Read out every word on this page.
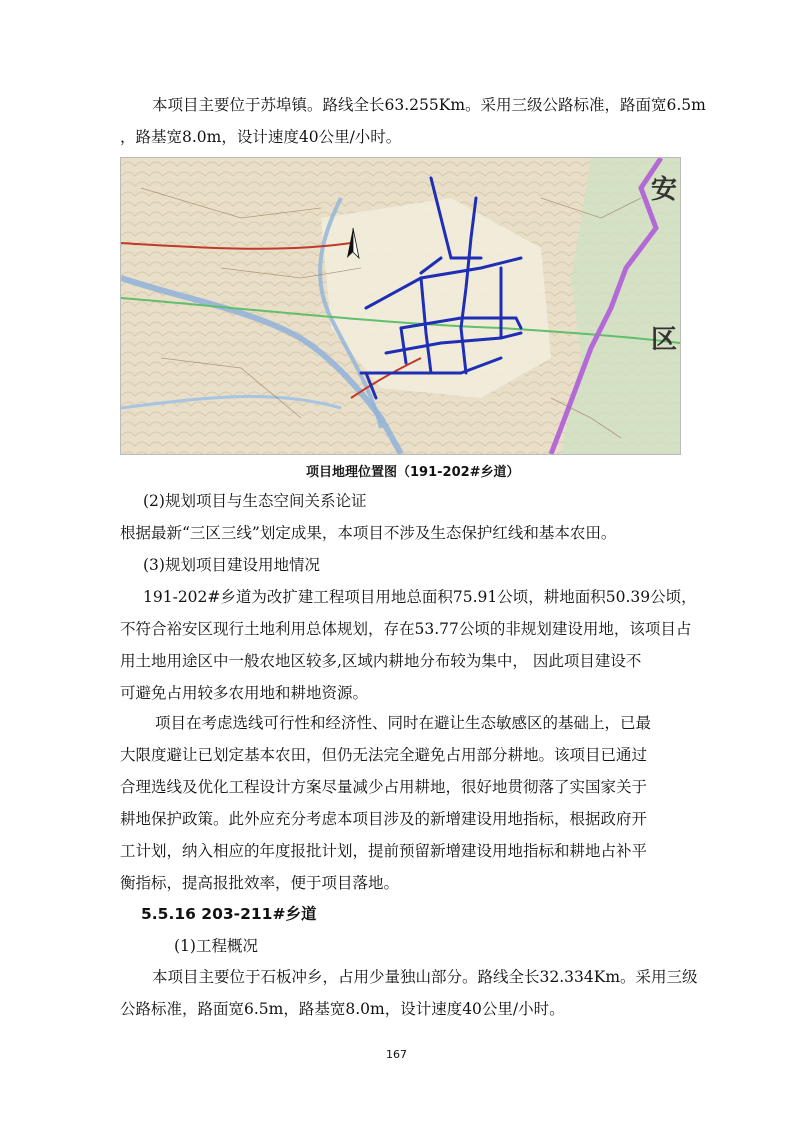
本项目主要位于苏埠镇。路线全长63.255Km。采用三级公路标准，路面宽6.5m
，路基宽8.0m，设计速度40公里/小时。
安
区
项目地理位置图（191-202#乡道）
(2)规划项目与生态空间关系论证
根据最新“三区三线”划定成果，本项目不涉及生态保护红线和基本农田。
(3)规划项目建设用地情况
191-202#乡道为改扩建工程项目用地总面积75.91公顷，耕地面积50.39公顷，
不符合裕安区现行土地利用总体规划，存在53.77公顷的非规划建设用地，该项目占
用土地用途区中一般农地区较多,区域内耕地分布较为集中， 因此项目建设不
可避免占用较多农用地和耕地资源。
项目在考虑选线可行性和经济性、同时在避让生态敏感区的基础上，已最
大限度避让已划定基本农田，但仍无法完全避免占用部分耕地。该项目已通过
合理选线及优化工程设计方案尽量减少占用耕地，很好地贯彻落了实国家关于
耕地保护政策。此外应充分考虑本项目涉及的新增建设用地指标，根据政府开
工计划，纳入相应的年度报批计划，提前预留新增建设用地指标和耕地占补平
衡指标，提高报批效率，便于项目落地。
5.5.16 203-211#乡道
(1)工程概况
本项目主要位于石板冲乡，占用少量独山部分。路线全长32.334Km。采用三级
公路标准，路面宽6.5m，路基宽8.0m，设计速度40公里/小时。
167
